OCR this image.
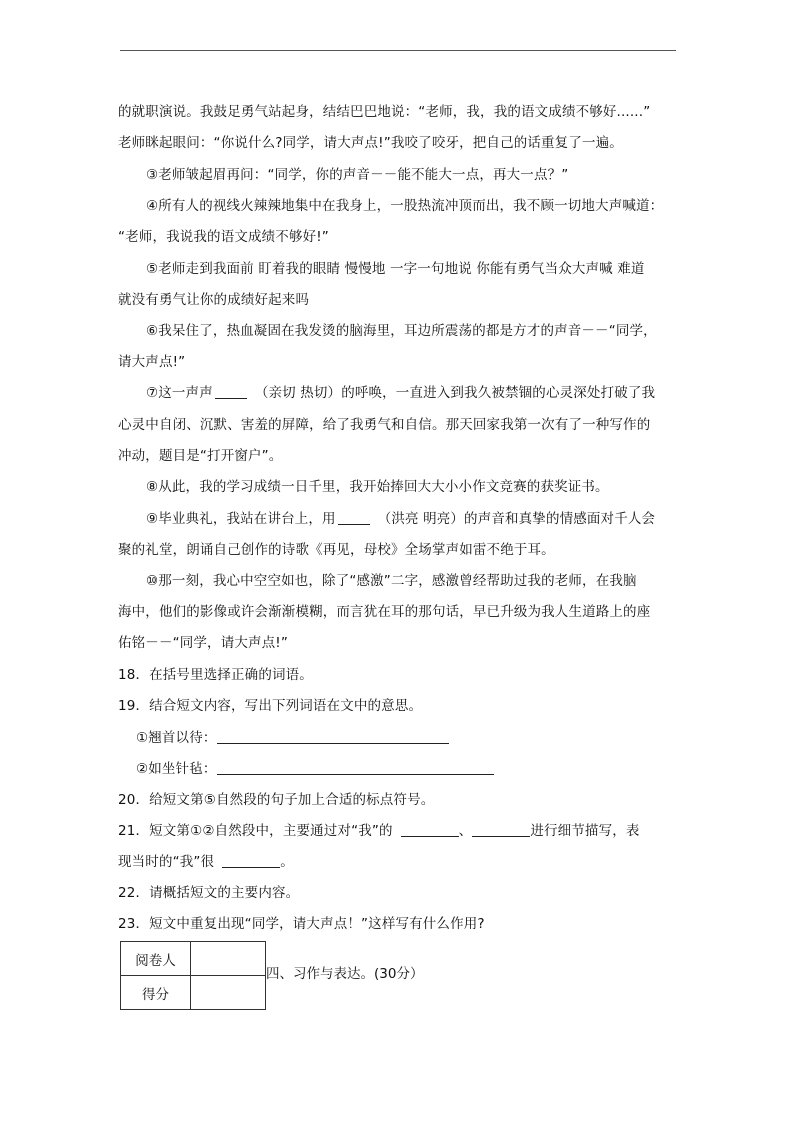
的就职演说。我鼓足勇气站起身，结结巴巴地说：“老师，我，我的语文成绩不够好......”
老师眯起眼问：“你说什么?同学，请大声点!”我咬了咬牙，把自己的话重复了一遍。
③老师皱起眉再问：“同学，你的声音－－能不能大一点，再大一点？”
④所有人的视线火辣辣地集中在我身上，一股热流冲顶而出，我不顾一切地大声喊道：
“老师，我说我的语文成绩不够好!”
⑤老师走到我面前 盯着我的眼睛 慢慢地 一字一句地说 你能有勇气当众大声喊 难道
就没有勇气让你的成绩好起来吗
⑥我呆住了，热血凝固在我发烫的脑海里，耳边所震荡的都是方才的声音－－“同学，
请大声点!”
⑦这一声声	（亲切 热切）的呼唤，一直进入到我久被禁锢的心灵深处打破了我
心灵中自闭、沉默、害羞的屏障，给了我勇气和自信。那天回家我第一次有了一种写作的
冲动，题目是“打开窗户”。
⑧从此，我的学习成绩一日千里，我开始捧回大大小小作文竞赛的获奖证书。
⑨毕业典礼，我站在讲台上，用	（洪亮 明亮）的声音和真挚的情感面对千人会
聚的礼堂，朗诵自己创作的诗歌《再见，母校》全场掌声如雷不绝于耳。
⑩那一刻，我心中空空如也，除了“感激”二字，感激曾经帮助过我的老师，在我脑
海中，他们的影像或许会渐渐模糊，而言犹在耳的那句话，早已升级为我人生道路上的座
佑铭－－“同学，请大声点!”
18．在括号里选择正确的词语。
19．结合短文内容，写出下列词语在文中的意思。
①翘首以待：
②如坐针毡：
20．给短文第⑤自然段的句子加上合适的标点符号。
21．短文第①②自然段中，主要通过对“我”的	、	进行细节描写，表
现当时的“我”很	。
22．请概括短文的主要内容。
23．短文中重复出现“同学，请大声点！”这样写有什么作用?
阅卷人	
得分	
四、习作与表达。(30分）
